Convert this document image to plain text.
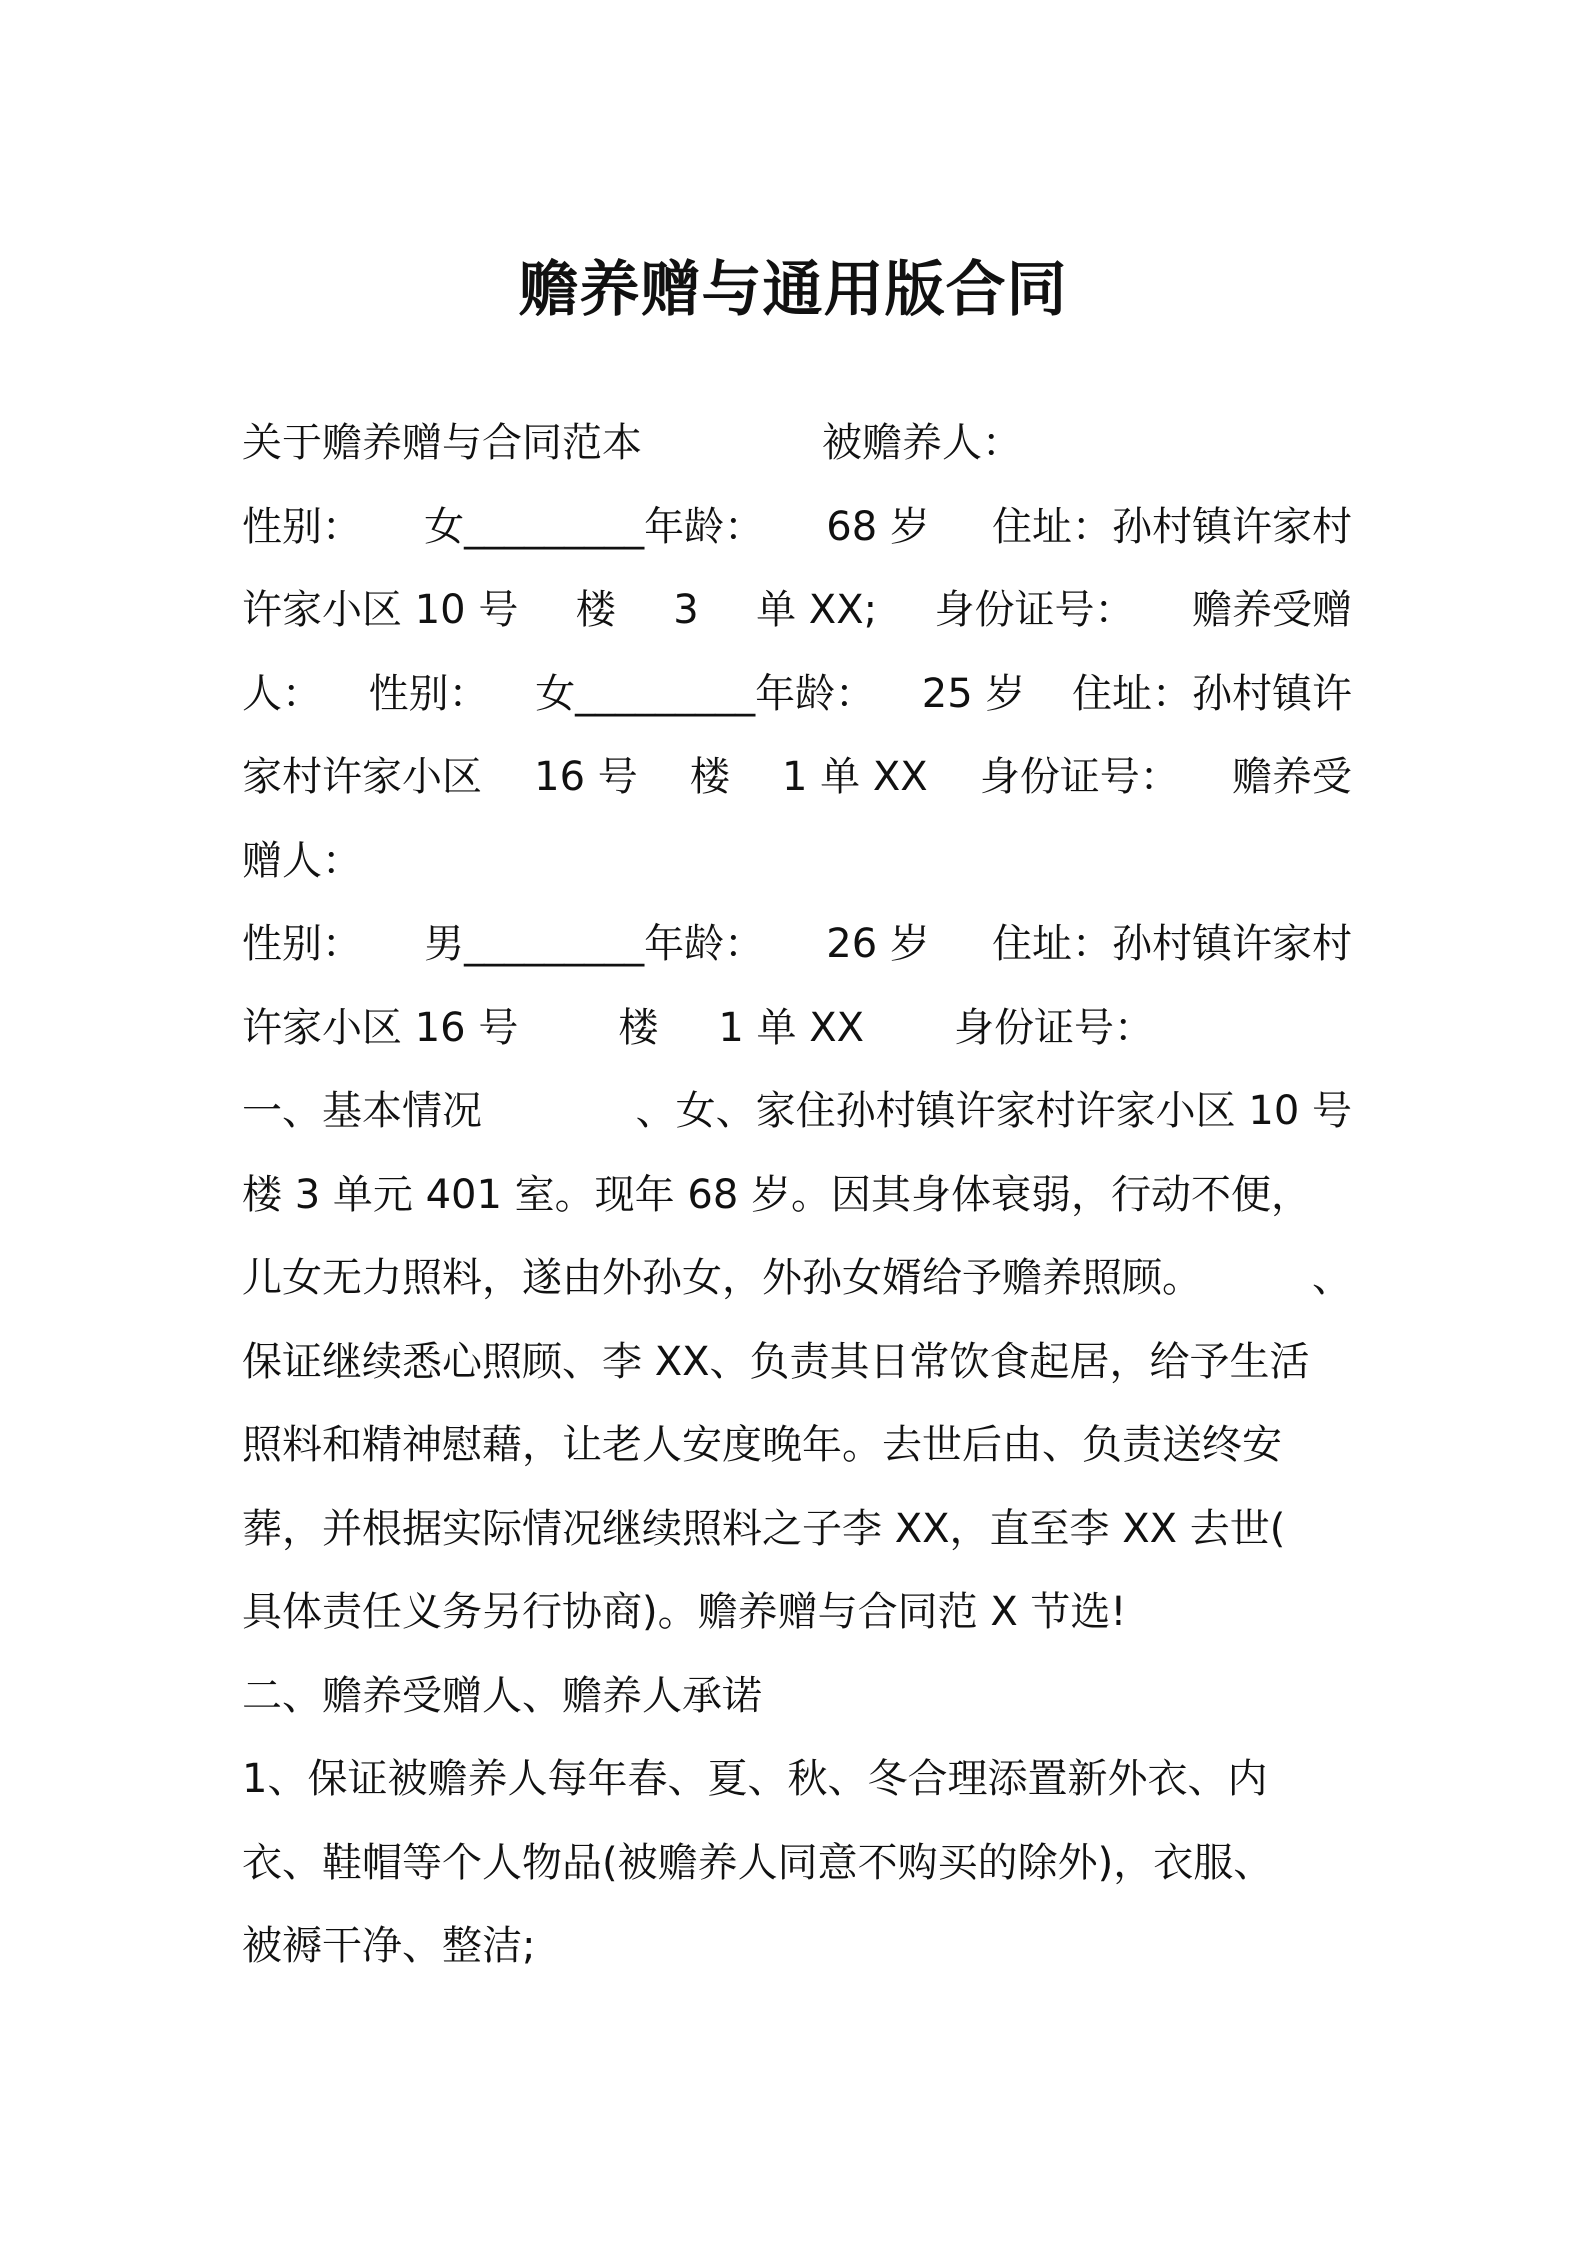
赡养赠与通用版合同
关于赡养赠与合同范本	被赡养人：
性别： 女_________年龄： 68 岁 住址：孙村镇许家村
许家小区 10 号 楼 3 单 XX; 身份证号： 赡养受赠
人： 性别： 女_________年龄： 25 岁 住址：孙村镇许
家村许家小区 16 号 楼 1 单 XX 身份证号： 赡养受
赠人：
性别： 男_________年龄： 26 岁 住址：孙村镇许家村
许家小区 16 号	楼 1 单 XX 身份证号：
一、基本情况	、女、家住孙村镇许家村许家小区 10 号
楼 3 单元 401 室。现年 68 岁。因其身体衰弱，行动不便，
儿女无力照料，遂由外孙女，外孙女婿给予赡养照顾。	、
保证继续悉心照顾、李 XX、负责其日常饮食起居，给予生活
照料和精神慰藉，让老人安度晚年。去世后由、负责送终安
葬，并根据实际情况继续照料之子李 XX，直至李 XX 去世(
具体责任义务另行协商)。赡养赠与合同范 X 节选!
二、赡养受赠人、赡养人承诺
1、保证被赡养人每年春、夏、秋、冬合理添置新外衣、内
衣、鞋帽等个人物品(被赡养人同意不购买的除外)，衣服、
被褥干净、整洁;
